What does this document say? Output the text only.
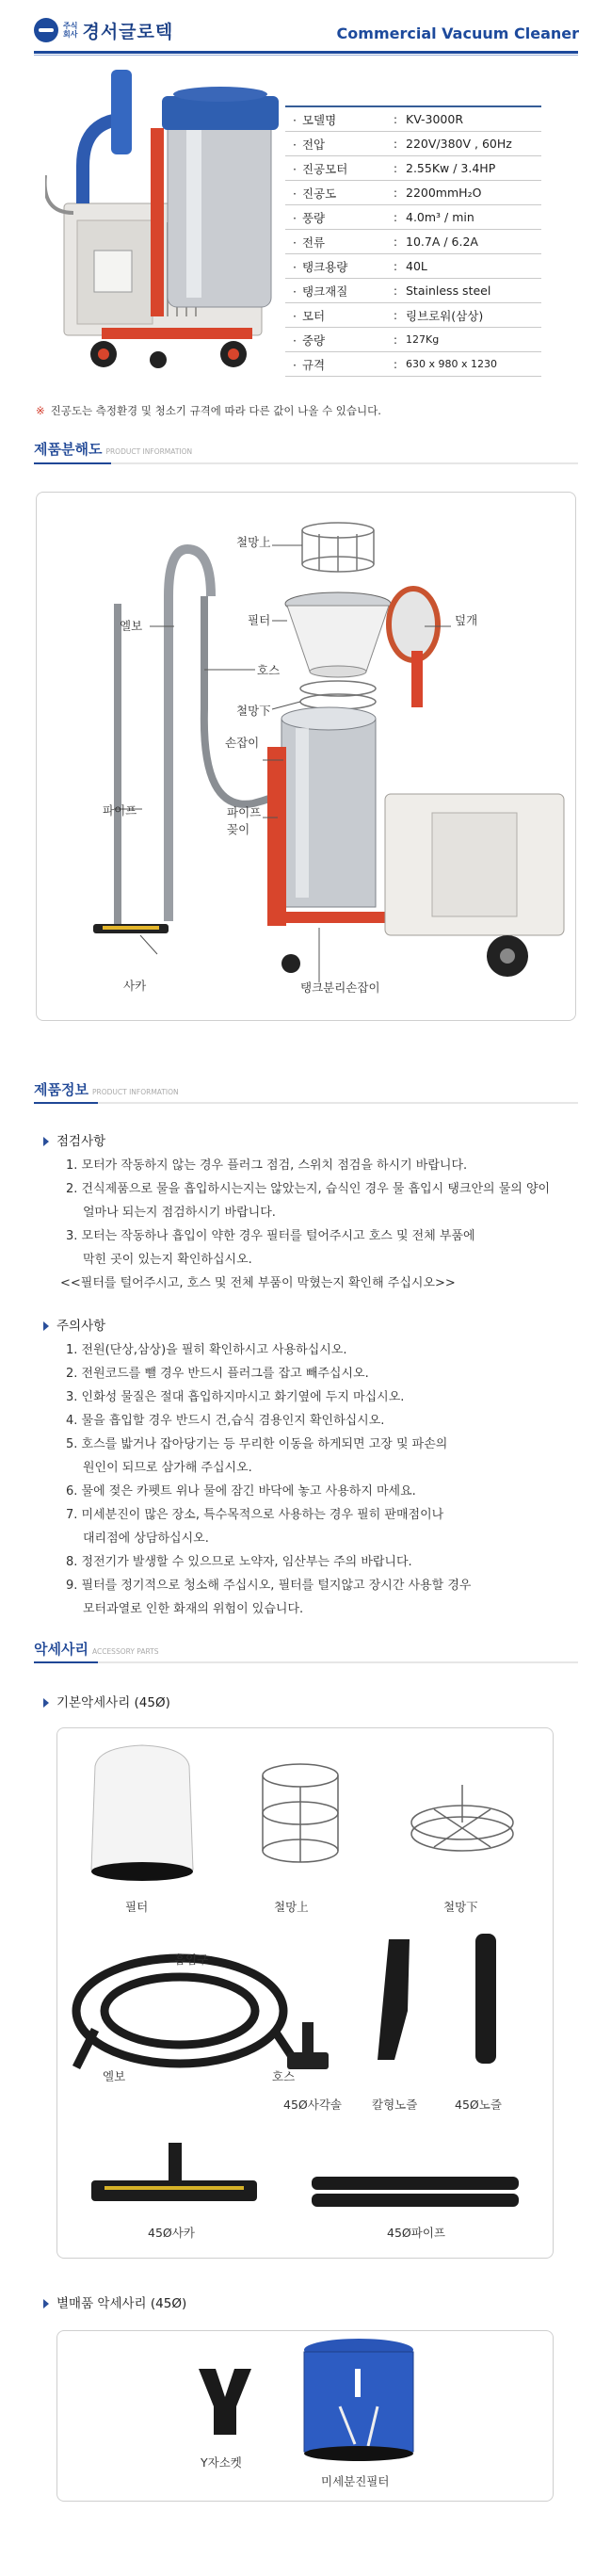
주식
회사 경서글로텍	Commercial Vacuum Cleaner
· 모델명	:	KV-3000R
· 전압	:	220V/380V , 60Hz
· 진공모터	:	2.55Kw / 3.4HP
· 진공도	:	2200mmH₂O
· 풍량	:	4.0m³ / min
· 전류	:	10.7A / 6.2A
· 탱크용량	:	40L
· 탱크재질	:	Stainless steel
· 모터	:	링브로워(삼상)
· 중량	:	127Kg
· 규격	:	630 x 980 x 1230
※ 진공도는 측정환경 및 청소기 규격에 따라 다른 값이 나올 수 있습니다.
제품분해도 PRODUCT INFORMATION
철망上
엘보	필터	덮개
호스
철망下
손잡이
파이프	파이프
꽂이
사카	탱크분리손잡이
제품정보 PRODUCT INFORMATION
점검사항
1. 모터가 작동하지 않는 경우 플러그 점검, 스위치 점검을 하시기 바랍니다.
2. 건식제품으로 물을 흡입하시는지는 않았는지, 습식인 경우 물 흡입시 탱크안의 물의 양이
얼마나 되는지 점검하시기 바랍니다.
3. 모터는 작동하나 흡입이 약한 경우 필터를 털어주시고 호스 및 전체 부품에
막힌 곳이 있는지 확인하십시오.
<<필터를 털어주시고, 호스 및 전체 부품이 막혔는지 확인해 주십시오>>
주의사항
1. 전원(단상,삼상)을 필히 확인하시고 사용하십시오.
2. 전원코드를 뺄 경우 반드시 플러그를 잡고 빼주십시오.
3. 인화성 물질은 절대 흡입하지마시고 화기옆에 두지 마십시오.
4. 물을 흡입할 경우 반드시 건,습식 겸용인지 확인하십시오.
5. 호스를 밟거나 잡아당기는 등 무리한 이동을 하게되면 고장 및 파손의
원인이 되므로 삼가해 주십시오.
6. 물에 젖은 카펫트 위나 물에 잠긴 바닥에 놓고 사용하지 마세요.
7. 미세분진이 많은 장소, 특수목적으로 사용하는 경우 필히 판매점이나
대리점에 상담하십시오.
8. 정전기가 발생할 수 있으므로 노약자, 임산부는 주의 바랍니다.
9. 필터를 정기적으로 청소해 주십시오, 필터를 털지않고 장시간 사용할 경우
모터과열로 인한 화재의 위험이 있습니다.
악세사리 ACCESSORY PARTS
기본악세사리 (45Ø)
필터	철망上	철망下
흡입구
엘보	호스
45Ø사각솔	칼형노즐	45Ø노즐
45Ø사카	45Ø파이프
별매품 악세사리 (45Ø)
Y자소켓
미세분진필터
